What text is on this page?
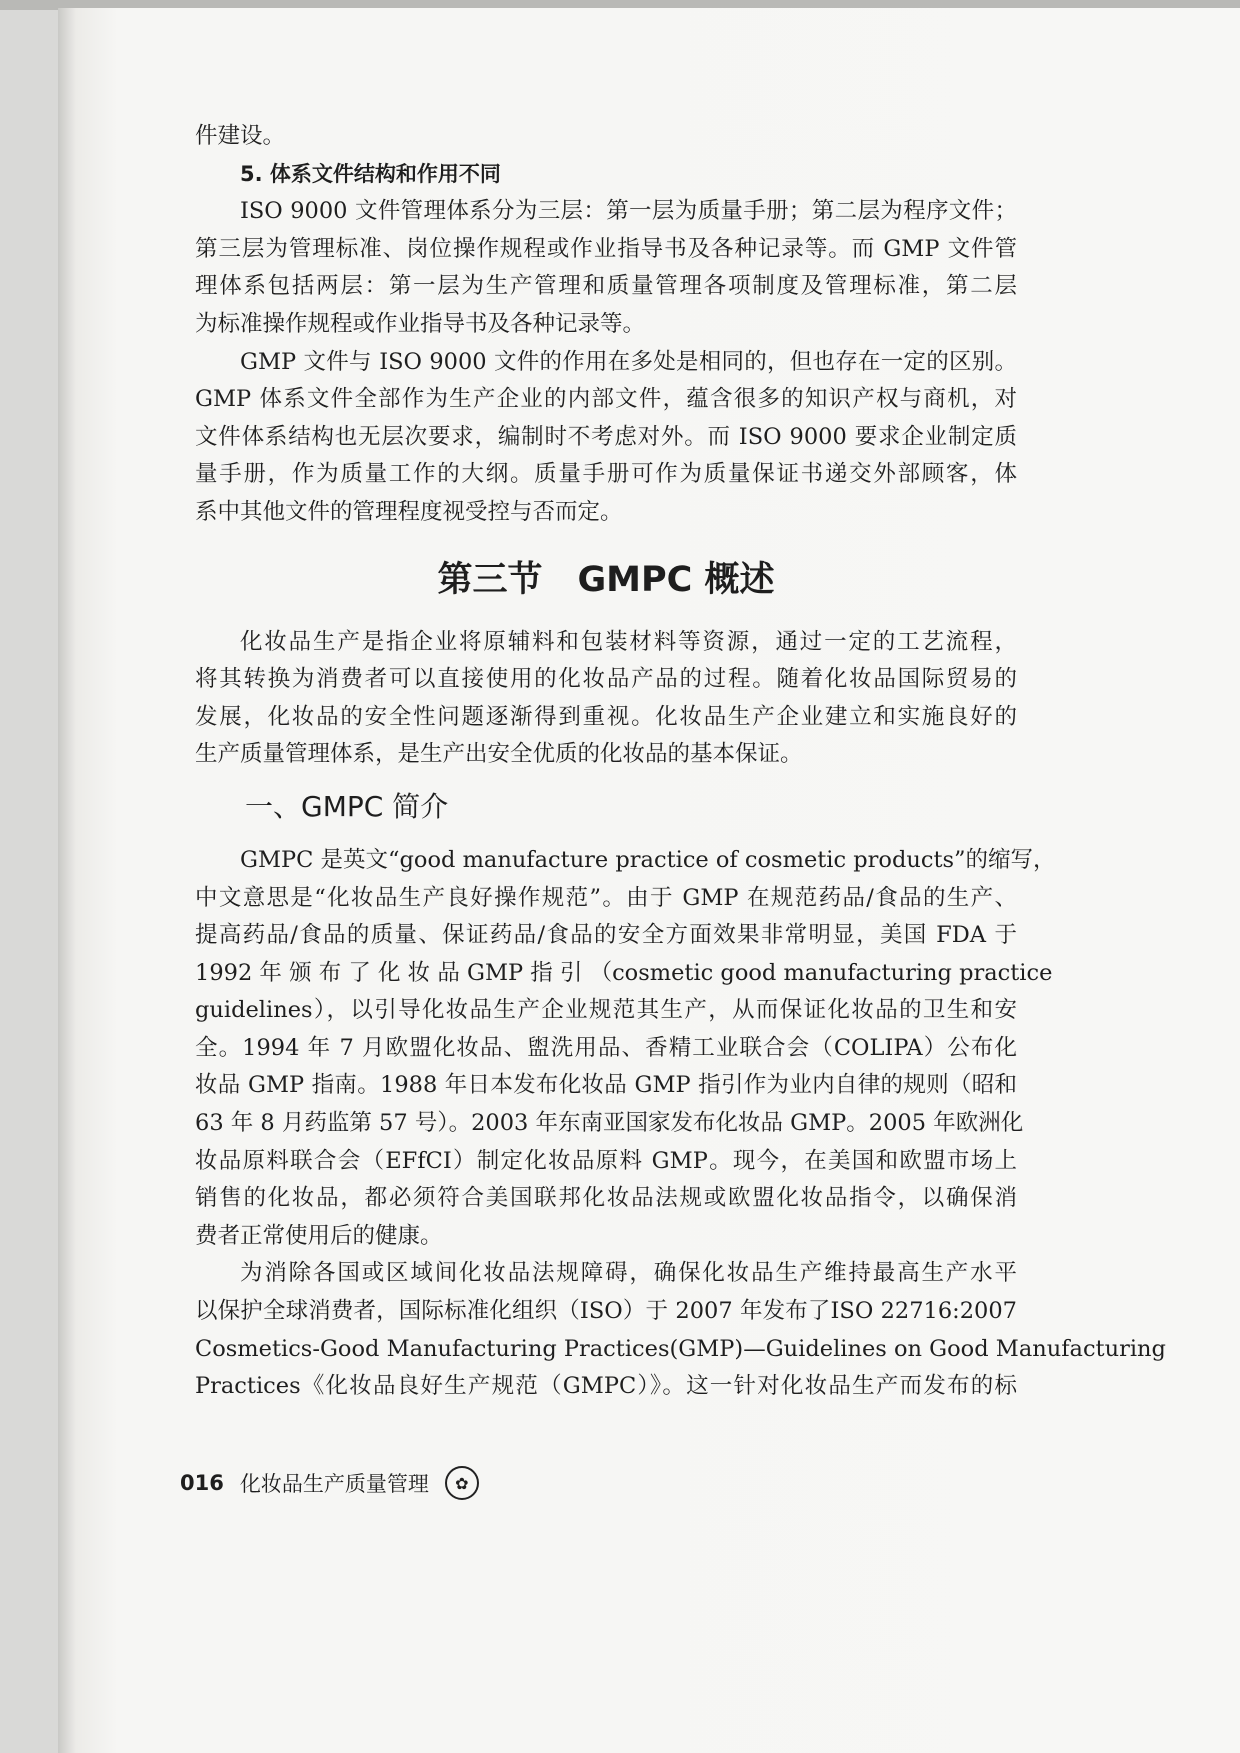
件建设。
5. 体系文件结构和作用不同
ISO 9000 文件管理体系分为三层：第一层为质量手册；第二层为程序文件；
第三层为管理标准、岗位操作规程或作业指导书及各种记录等。而 GMP 文件管
理体系包括两层：第一层为生产管理和质量管理各项制度及管理标准，第二层
为标准操作规程或作业指导书及各种记录等。
GMP 文件与 ISO 9000 文件的作用在多处是相同的，但也存在一定的区别。
GMP 体系文件全部作为生产企业的内部文件，蕴含很多的知识产权与商机，对
文件体系结构也无层次要求，编制时不考虑对外。而 ISO 9000 要求企业制定质
量手册，作为质量工作的大纲。质量手册可作为质量保证书递交外部顾客，体
系中其他文件的管理程度视受控与否而定。
第三节　GMPC 概述
化妆品生产是指企业将原辅料和包装材料等资源，通过一定的工艺流程，
将其转换为消费者可以直接使用的化妆品产品的过程。随着化妆品国际贸易的
发展，化妆品的安全性问题逐渐得到重视。化妆品生产企业建立和实施良好的
生产质量管理体系，是生产出安全优质的化妆品的基本保证。
一、GMPC 简介
GMPC 是英文“good manufacture practice of cosmetic products”的缩写，
中文意思是“化妆品生产良好操作规范”。由于 GMP 在规范药品/食品的生产、
提高药品/食品的质量、保证药品/食品的安全方面效果非常明显，美国 FDA 于
1992 年 颁 布 了 化 妆 品 GMP 指 引 （cosmetic good manufacturing practice
guidelines），以引导化妆品生产企业规范其生产，从而保证化妆品的卫生和安
全。1994 年 7 月欧盟化妆品、盥洗用品、香精工业联合会（COLIPA）公布化
妆品 GMP 指南。1988 年日本发布化妆品 GMP 指引作为业内自律的规则（昭和
63 年 8 月药监第 57 号）。2003 年东南亚国家发布化妆品 GMP。2005 年欧洲化
妆品原料联合会（EFfCI）制定化妆品原料 GMP。现今，在美国和欧盟市场上
销售的化妆品，都必须符合美国联邦化妆品法规或欧盟化妆品指令，以确保消
费者正常使用后的健康。
为消除各国或区域间化妆品法规障碍，确保化妆品生产维持最高生产水平
以保护全球消费者，国际标准化组织（ISO）于 2007 年发布了ISO 22716:2007
Cosmetics-Good Manufacturing Practices(GMP)—Guidelines on Good Manufacturing
Practices《化妆品良好生产规范（GMPC）》。这一针对化妆品生产而发布的标
016 化妆品生产质量管理	✿
